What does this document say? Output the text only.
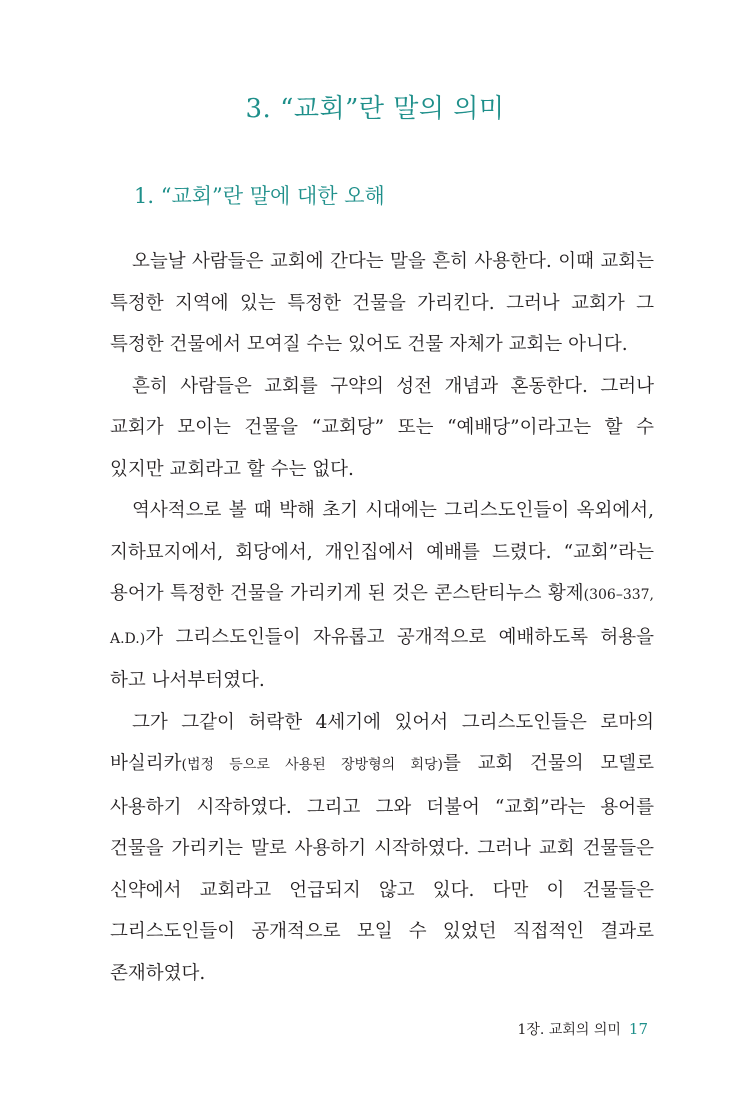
3. “교회”란 말의 의미
1. “교회”란 말에 대한 오해

오늘날 사람들은 교회에 간다는 말을 흔히 사용한다. 이때 교회는 특정한 지역에 있는 특정한 건물을 가리킨다. 그러나 교회가 그 특정한 건물에서 모여질 수는 있어도 건물 자체가 교회는 아니다.

흔히 사람들은 교회를 구약의 성전 개념과 혼동한다. 그러나 교회가 모이는 건물을 “교회당” 또는 “예배당”이라고는 할 수 있지만 교회라고 할 수는 없다.

역사적으로 볼 때 박해 초기 시대에는 그리스도인들이 옥외에서, 지하묘지에서, 회당에서, 개인집에서 예배를 드렸다. “교회”라는 용어가 특정한 건물을 가리키게 된 것은 콘스탄티누스 황제(306–337, A.D.)가 그리스도인들이 자유롭고 공개적으로 예배하도록 허용을 하고 나서부터였다.

그가 그같이 허락한 4세기에 있어서 그리스도인들은 로마의 바실리카(법정 등으로 사용된 장방형의 회당)를 교회 건물의 모델로 사용하기 시작하였다. 그리고 그와 더불어 “교회”라는 용어를 건물을 가리키는 말로 사용하기 시작하였다. 그러나 교회 건물들은 신약에서 교회라고 언급되지 않고 있다. 다만 이 건물들은 그리스도인들이 공개적으로 모일 수 있었던 직접적인 결과로 존재하였다.

1장. 교회의 의미 17
